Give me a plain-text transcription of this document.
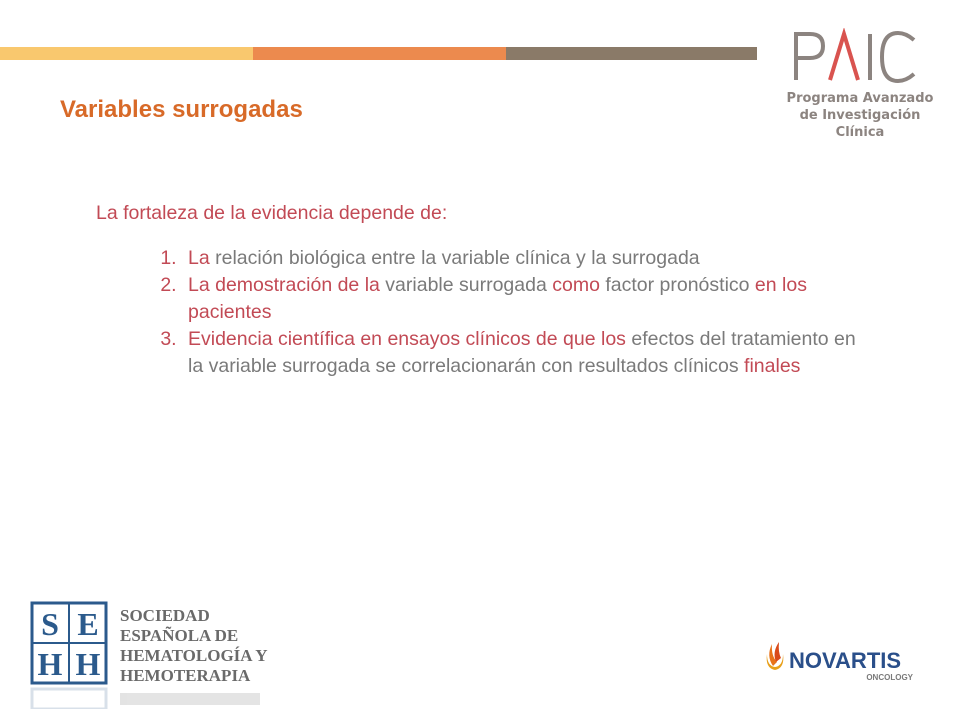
Programa Avanzado
de Investigación
Clínica
Variables surrogadas

La fortaleza de la evidencia depende de:

1. La relación biológica entre la variable clínica y la surrogada
2. La demostración de la variable surrogada como factor pronóstico en los pacientes
3. Evidencia científica en ensayos clínicos de que los efectos del tratamiento en la variable surrogada se correlacionarán con resultados clínicos finales
S E
H H
SOCIEDAD
ESPAÑOLA DE
HEMATOLOGÍA Y
HEMOTERAPIA
NOVARTIS
ONCOLOGY
